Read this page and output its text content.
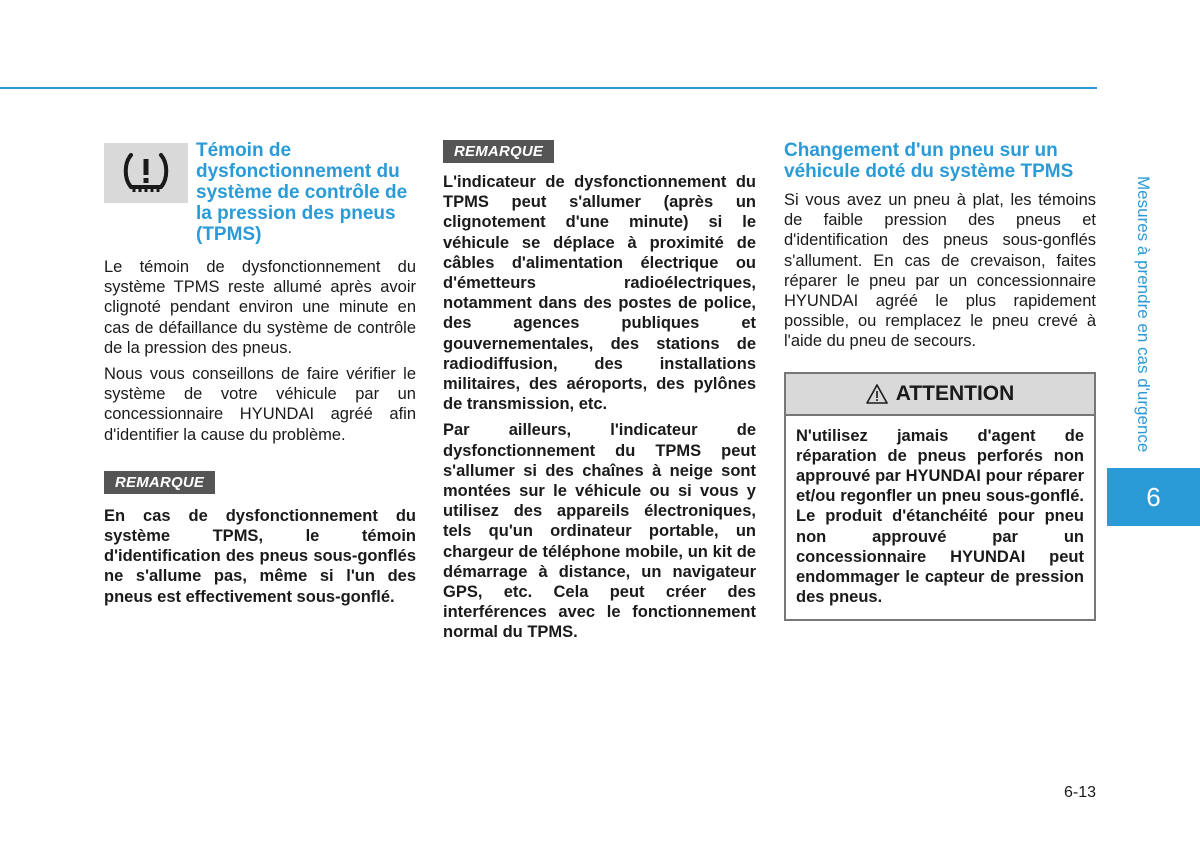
Témoin de dysfonctionnement du système de contrôle de la pression des pneus (TPMS)

Le témoin de dysfonctionnement du système TPMS reste allumé après avoir clignoté pendant environ une minute en cas de défaillance du système de contrôle de la pression des pneus.

Nous vous conseillons de faire vérifier le système de votre véhicule par un concessionnaire HYUNDAI agréé afin d'identifier la cause du problème.

REMARQUE

En cas de dysfonctionnement du système TPMS, le témoin d'identification des pneus sous-gonflés ne s'allume pas, même si l'un des pneus est effectivement sous-gonflé.

REMARQUE

L'indicateur de dysfonctionnement du TPMS peut s'allumer (après un clignotement d'une minute) si le véhicule se déplace à proximité de câbles d'alimentation électrique ou d'émetteurs radioélectriques, notamment dans des postes de police, des agences publiques et gouvernementales, des stations de radiodiffusion, des installations militaires, des aéroports, des pylônes de transmission, etc.

Par ailleurs, l'indicateur de dysfonctionnement du TPMS peut s'allumer si des chaînes à neige sont montées sur le véhicule ou si vous y utilisez des appareils électroniques, tels qu'un ordinateur portable, un chargeur de téléphone mobile, un kit de démarrage à distance, un navigateur GPS, etc. Cela peut créer des interférences avec le fonctionnement normal du TPMS.

Changement d'un pneu sur un véhicule doté du système TPMS

Si vous avez un pneu à plat, les témoins de faible pression des pneus et d'identification des pneus sous-gonflés s'allument. En cas de crevaison, faites réparer le pneu par un concessionnaire HYUNDAI agréé le plus rapidement possible, ou remplacez le pneu crevé à l'aide du pneu de secours.

ATTENTION

N'utilisez jamais d'agent de réparation de pneus perforés non approuvé par HYUNDAI pour réparer et/ou regonfler un pneu sous-gonflé. Le produit d'étanchéité pour pneu non approuvé par un concessionnaire HYUNDAI peut endommager le capteur de pression des pneus.

Mesures à prendre en cas d'urgence
6
6-13
